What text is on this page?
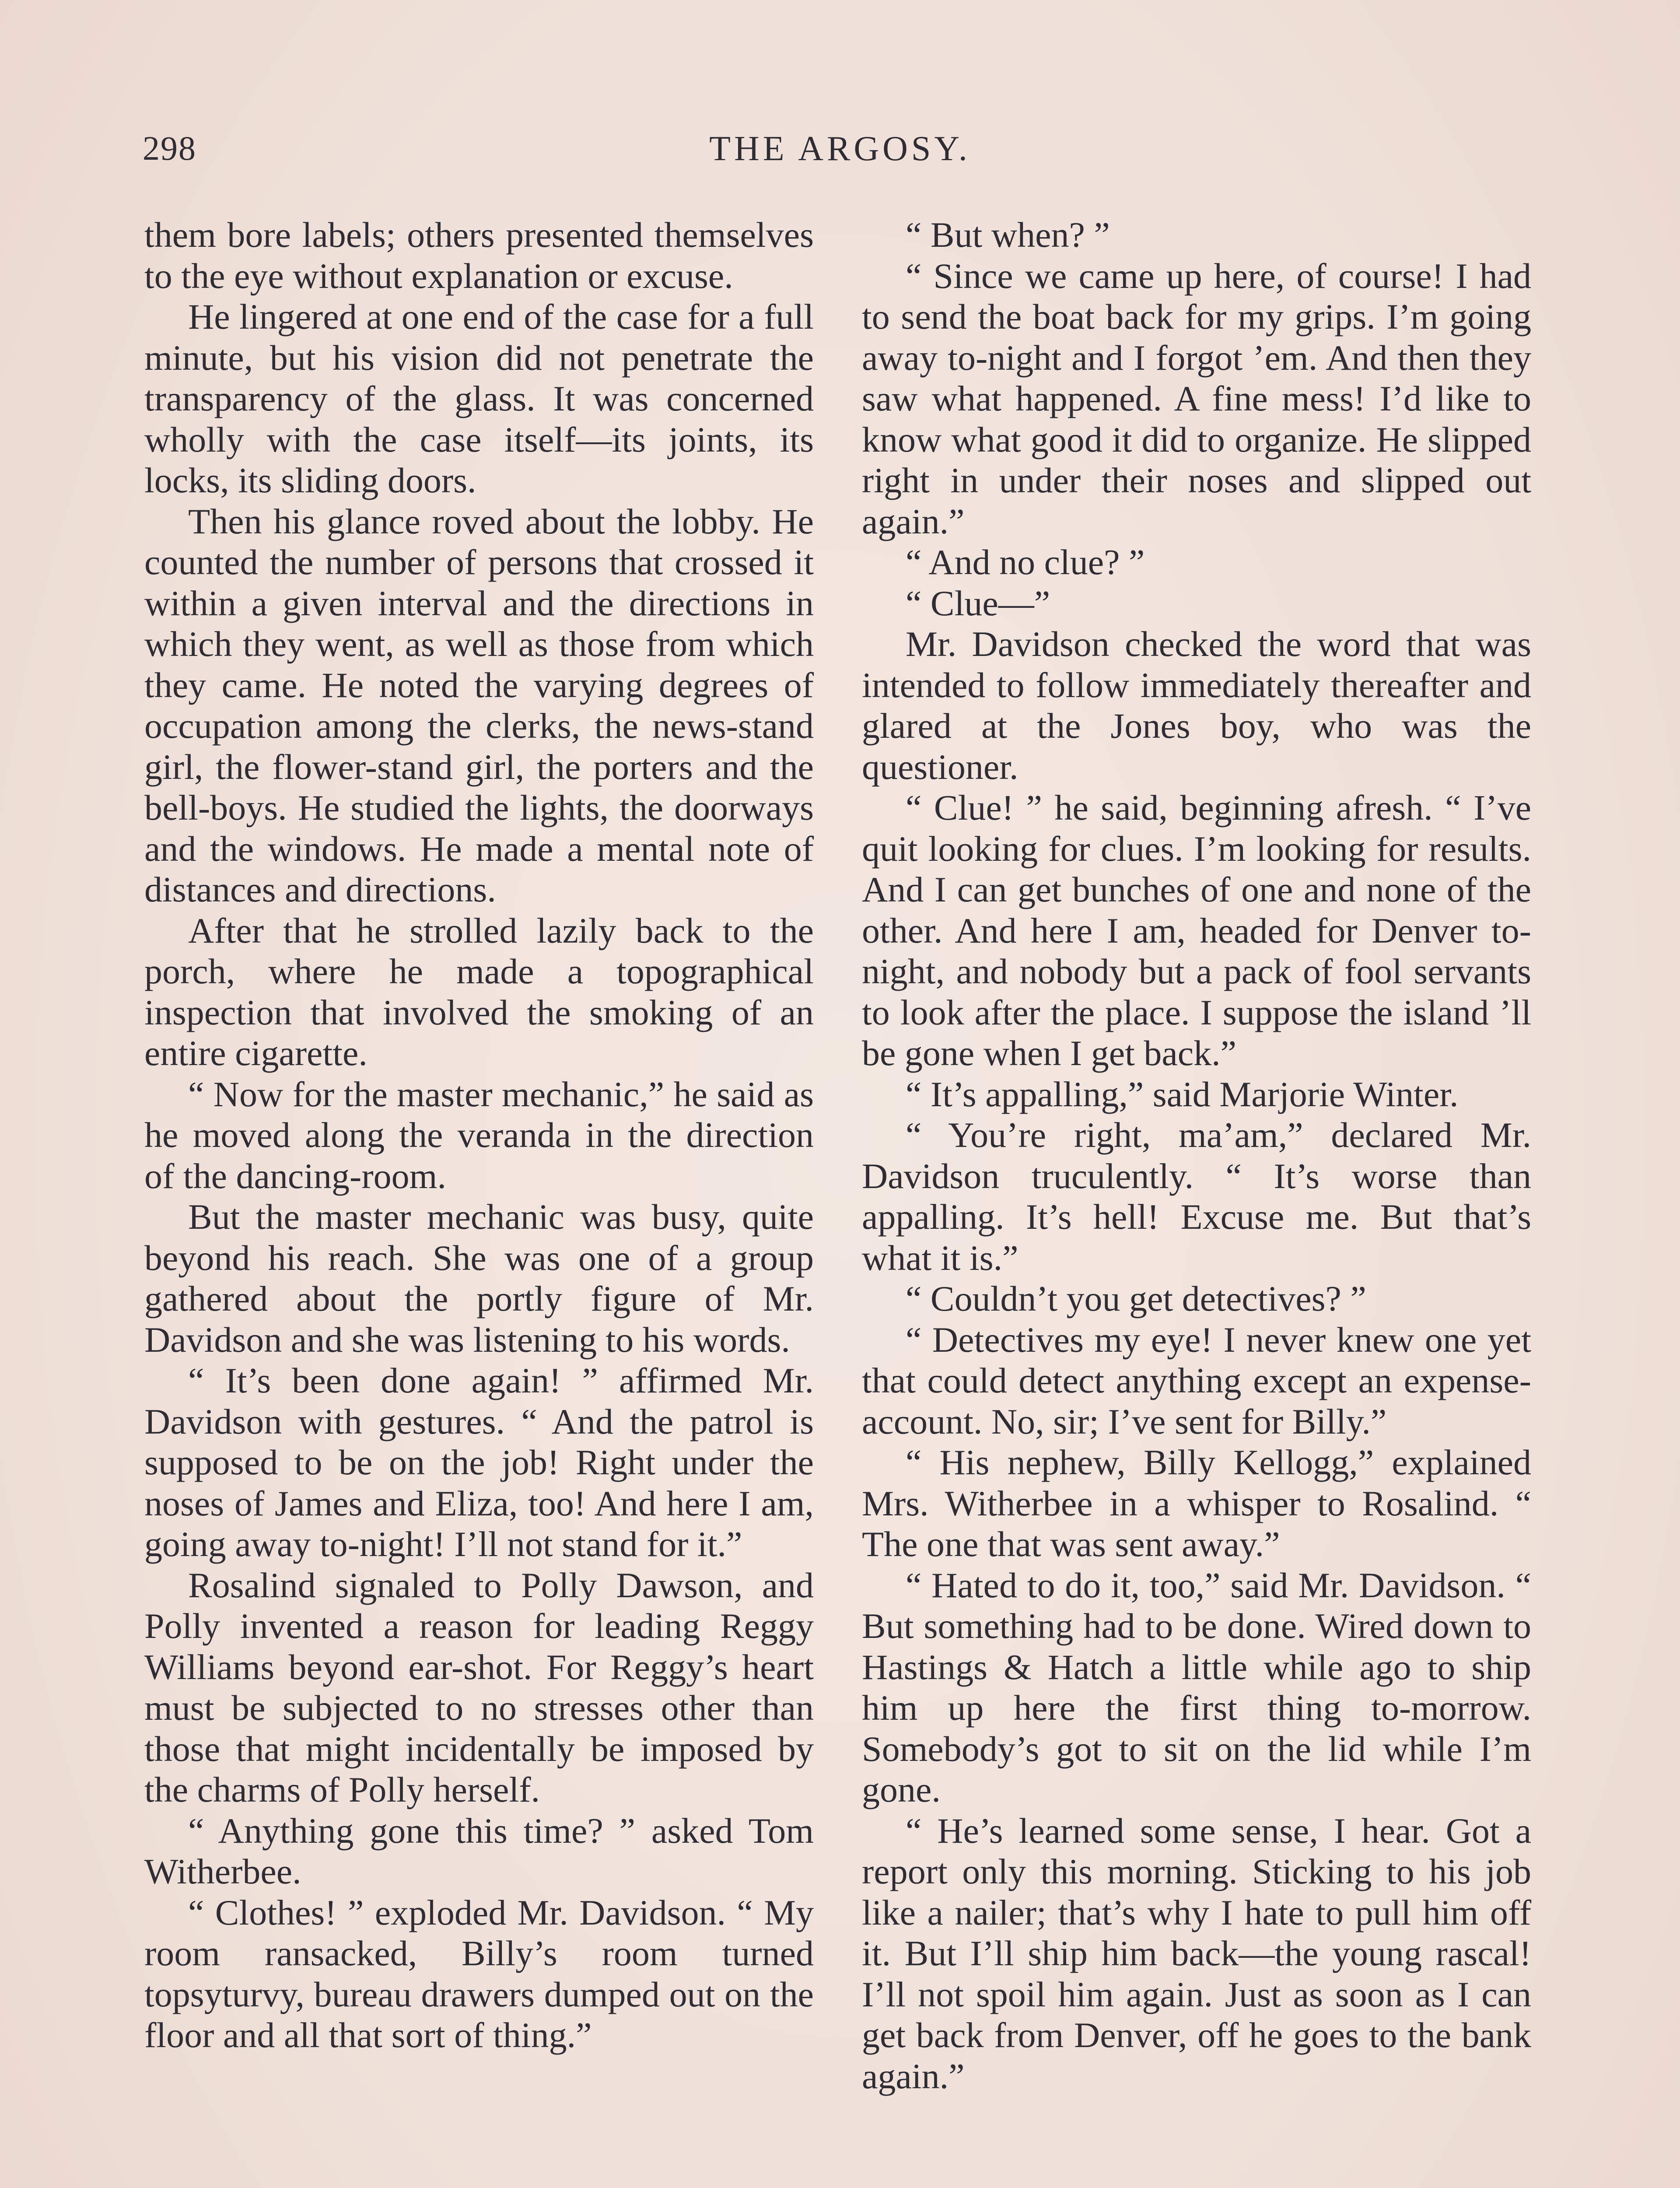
298	THE ARGOSY.

them bore labels; others presented themselves to the eye without explanation or excuse.

He lingered at one end of the case for a full minute, but his vision did not penetrate the transparency of the glass. It was concerned wholly with the case itself—its joints, its locks, its sliding doors.

Then his glance roved about the lobby. He counted the number of persons that crossed it within a given interval and the directions in which they went, as well as those from which they came. He noted the varying degrees of occupation among the clerks, the news-stand girl, the flower-stand girl, the porters and the bell-boys. He studied the lights, the doorways and the windows. He made a mental note of distances and directions.

After that he strolled lazily back to the porch, where he made a topographical inspection that involved the smoking of an entire cigarette.

“ Now for the master mechanic,” he said as he moved along the veranda in the direction of the dancing-room.

But the master mechanic was busy, quite beyond his reach. She was one of a group gathered about the portly figure of Mr. Davidson and she was listening to his words.

“ It’s been done again! ” affirmed Mr. Davidson with gestures. “ And the patrol is supposed to be on the job! Right under the noses of James and Eliza, too! And here I am, going away to-night! I’ll not stand for it.”

Rosalind signaled to Polly Dawson, and Polly invented a reason for leading Reggy Williams beyond ear-shot. For Reggy’s heart must be subjected to no stresses other than those that might incidentally be imposed by the charms of Polly herself.

“ Anything gone this time? ” asked Tom Witherbee.

“ Clothes! ” exploded Mr. Davidson. “ My room ransacked, Billy’s room turned topsyturvy, bureau drawers dumped out on the floor and all that sort of thing.”

“ But when? ”

“ Since we came up here, of course! I had to send the boat back for my grips. I’m going away to-night and I forgot ’em. And then they saw what happened. A fine mess! I’d like to know what good it did to organize. He slipped right in under their noses and slipped out again.”

“ And no clue? ”

“ Clue—”

Mr. Davidson checked the word that was intended to follow immediately thereafter and glared at the Jones boy, who was the questioner.

“ Clue! ” he said, beginning afresh. “ I’ve quit looking for clues. I’m looking for results. And I can get bunches of one and none of the other. And here I am, headed for Denver to-night, and nobody but a pack of fool servants to look after the place. I suppose the island ’ll be gone when I get back.”

“ It’s appalling,” said Marjorie Winter.

“ You’re right, ma’am,” declared Mr. Davidson truculently. “ It’s worse than appalling. It’s hell! Excuse me. But that’s what it is.”

“ Couldn’t you get detectives? ”

“ Detectives my eye! I never knew one yet that could detect anything except an expense-account. No, sir; I’ve sent for Billy.”

“ His nephew, Billy Kellogg,” explained Mrs. Witherbee in a whisper to Rosalind. “ The one that was sent away.”

“ Hated to do it, too,” said Mr. Davidson. “ But something had to be done. Wired down to Hastings & Hatch a little while ago to ship him up here the first thing to-morrow. Somebody’s got to sit on the lid while I’m gone.

“ He’s learned some sense, I hear. Got a report only this morning. Sticking to his job like a nailer; that’s why I hate to pull him off it. But I’ll ship him back—the young rascal! I’ll not spoil him again. Just as soon as I can get back from Denver, off he goes to the bank again.”
